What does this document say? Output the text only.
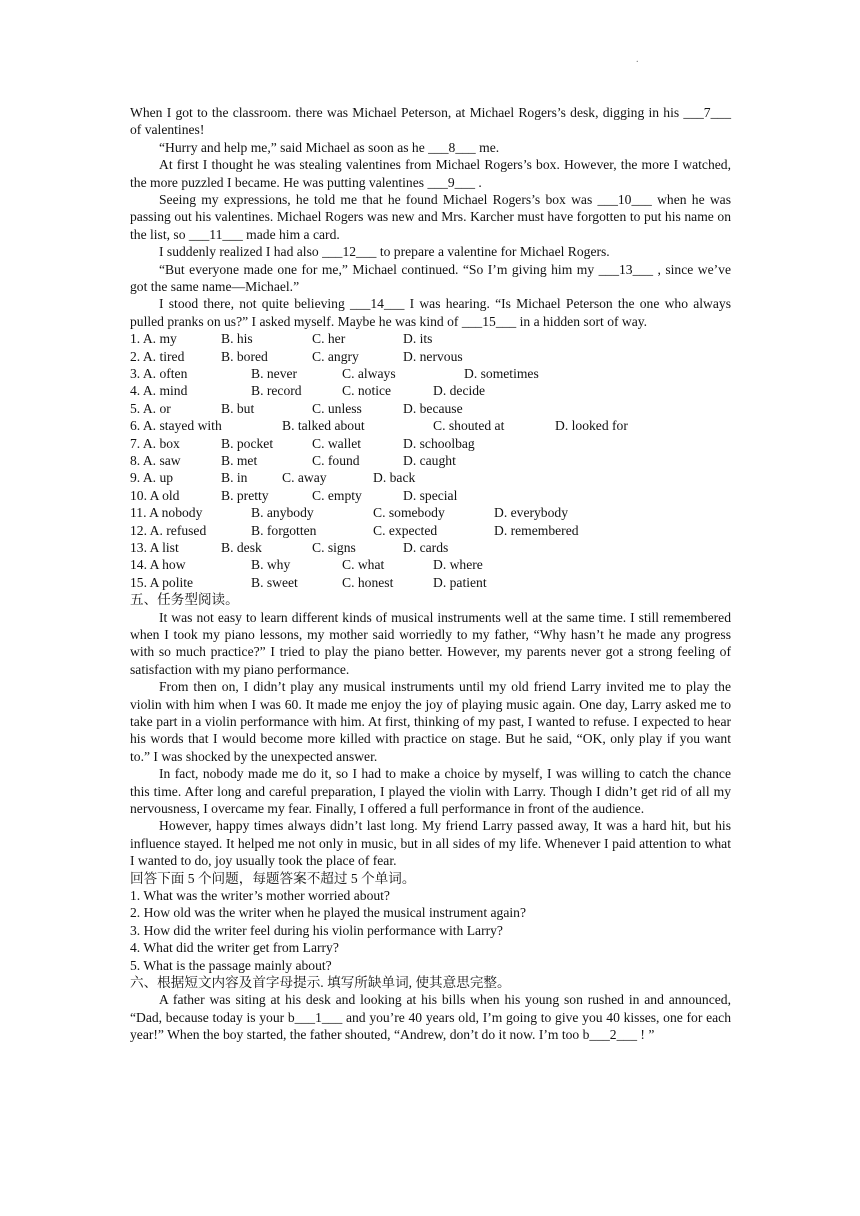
.

When I got to the classroom. there was Michael Peterson, at Michael Rogers’s desk, digging in his ___7___ of valentines!

“Hurry and help me,” said Michael as soon as he ___8___ me.

At first I thought he was stealing valentines from Michael Rogers’s box. However, the more I watched, the more puzzled I became. He was putting valentines ___9___ .

Seeing my expressions, he told me that he found Michael Rogers’s box was ___10___ when he was passing out his valentines. Michael Rogers was new and Mrs. Karcher must have forgotten to put his name on the list, so ___11___ made him a card.

I suddenly realized I had also ___12___ to prepare a valentine for Michael Rogers.

“But everyone made one for me,” Michael continued. “So I’m giving him my ___13___ , since we’ve got the same name—Michael.”

I stood there, not quite believing ___14___ I was hearing. “Is Michael Peterson the one who always pulled pranks on us?” I asked myself. Maybe he was kind of ___15___ in a hidden sort of way.

1. A. my	B. his	C. her	D. its
2. A. tired	B. bored	C. angry	D. nervous
3. A. often	B. never	C. always	D. sometimes
4. A. mind	B. record	C. notice	D. decide
5. A. or	B. but	C. unless	D. because
6. A. stayed with	B. talked about	C. shouted at	D. looked for
7. A. box	B. pocket	C. wallet	D. schoolbag
8. A. saw	B. met	C. found	D. caught
9. A. up	B. in	C. away	D. back
10. A old	B. pretty	C. empty	D. special
11. A nobody	B. anybody	C. somebody	D. everybody
12. A. refused	B. forgotten	C. expected	D. remembered
13. A list	B. desk	C. signs	D. cards
14. A how	B. why	C. what	D. where
15. A polite	B. sweet	C. honest	D. patient
五、任务型阅读。

It was not easy to learn different kinds of musical instruments well at the same time. I still remembered when I took my piano lessons, my mother said worriedly to my father, “Why hasn’t he made any progress with so much practice?” I tried to play the piano better. However, my parents never got a strong feeling of satisfaction with my piano performance.

From then on, I didn’t play any musical instruments until my old friend Larry invited me to play the violin with him when I was 60. It made me enjoy the joy of playing music again. One day, Larry asked me to take part in a violin performance with him. At first, thinking of my past, I wanted to refuse. I expected to hear his words that I would become more killed with practice on stage. But he said, “OK, only play if you want to.” I was shocked by the unexpected answer.

In fact, nobody made me do it, so I had to make a choice by myself, I was willing to catch the chance this time. After long and careful preparation, I played the violin with Larry. Though I didn’t get rid of all my nervousness, I overcame my fear. Finally, I offered a full performance in front of the audience.

However, happy times always didn’t last long. My friend Larry passed away, It was a hard hit, but his influence stayed. It helped me not only in music, but in all sides of my life. Whenever I paid attention to what I wanted to do, joy usually took the place of fear.

回答下面 5 个问题，每题答案不超过 5 个单词。
1. What was the writer’s mother worried about?
2. How old was the writer when he played the musical instrument again?
3. How did the writer feel during his violin performance with Larry?
4. What did the writer get from Larry?
5. What is the passage mainly about?
六、根据短文内容及首字母提示. 填写所缺单词, 使其意思完整。

A father was siting at his desk and looking at his bills when his young son rushed in and announced, “Dad, because today is your b___1___ and you’re 40 years old, I’m going to give you 40 kisses, one for each year!” When the boy started, the father shouted, “Andrew, don’t do it now. I’m too b___2___ ! ”
